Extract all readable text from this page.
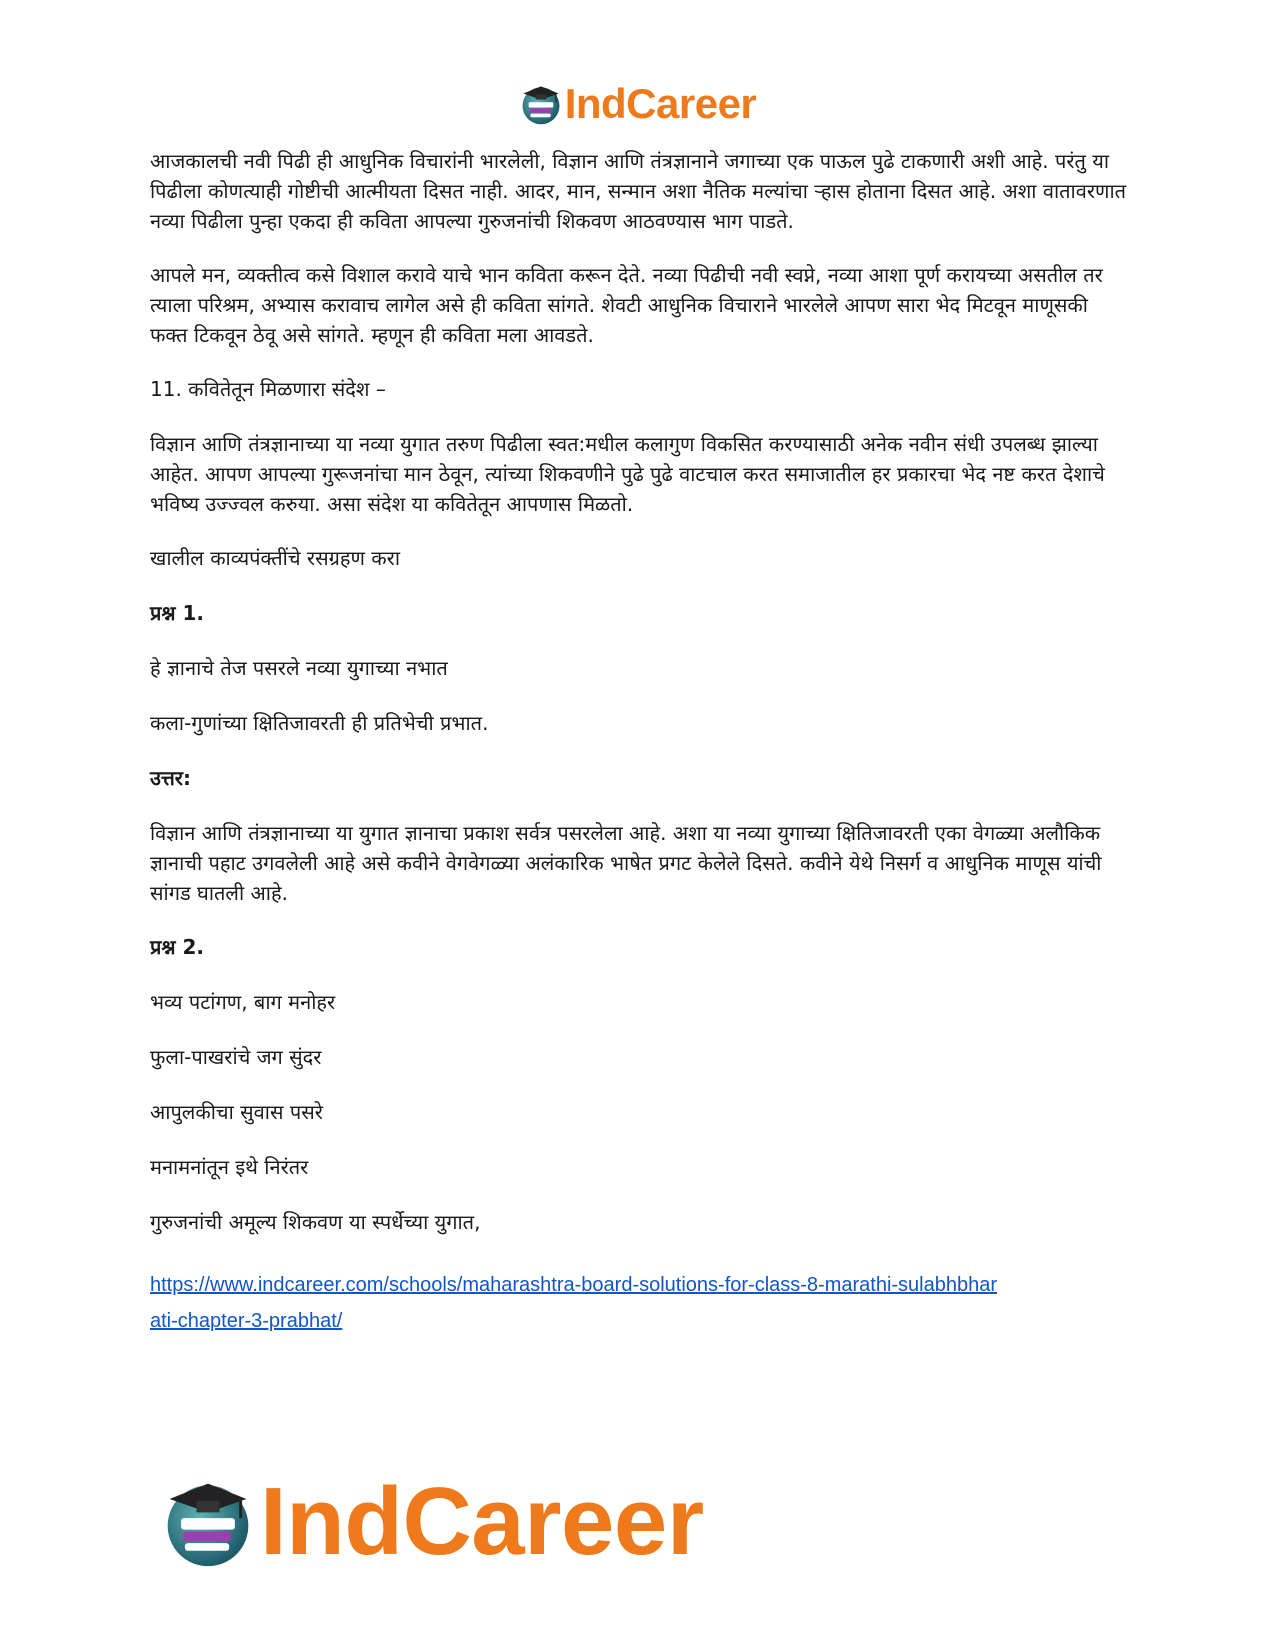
IndCareer

आजकालची नवी पिढी ही आधुनिक विचारांनी भारलेली, विज्ञान आणि तंत्रज्ञानाने जगाच्या एक पाऊल पुढे टाकणारी अशी आहे. परंतु या पिढीला कोणत्याही गोष्टीची आत्मीयता दिसत नाही. आदर, मान, सन्मान अशा नैतिक मल्यांचा ऱ्हास होताना दिसत आहे. अशा वातावरणात नव्या पिढीला पुन्हा एकदा ही कविता आपल्या गुरुजनांची शिकवण आठवण्यास भाग पाडते.

आपले मन, व्यक्तीत्व कसे विशाल करावे याचे भान कविता करून देते. नव्या पिढीची नवी स्वप्ने, नव्या आशा पूर्ण करायच्या असतील तर त्याला परिश्रम, अभ्यास करावाच लागेल असे ही कविता सांगते. शेवटी आधुनिक विचाराने भारलेले आपण सारा भेद मिटवून माणूसकी फक्त टिकवून ठेवू असे सांगते. म्हणून ही कविता मला आवडते.

11. कवितेतून मिळणारा संदेश –

विज्ञान आणि तंत्रज्ञानाच्या या नव्या युगात तरुण पिढीला स्वत:मधील कलागुण विकसित करण्यासाठी अनेक नवीन संधी उपलब्ध झाल्या आहेत. आपण आपल्या गुरूजनांचा मान ठेवून, त्यांच्या शिकवणीने पुढे पुढे वाटचाल करत समाजातील हर प्रकारचा भेद नष्ट करत देशाचे भविष्य उज्ज्वल करुया. असा संदेश या कवितेतून आपणास मिळतो.

खालील काव्यपंक्तींचे रसग्रहण करा

प्रश्न 1.

हे ज्ञानाचे तेज पसरले नव्या युगाच्या नभात

कला-गुणांच्या क्षितिजावरती ही प्रतिभेची प्रभात.

उत्तर:

विज्ञान आणि तंत्रज्ञानाच्या या युगात ज्ञानाचा प्रकाश सर्वत्र पसरलेला आहे. अशा या नव्या युगाच्या क्षितिजावरती एका वेगळ्या अलौकिक ज्ञानाची पहाट उगवलेली आहे असे कवीने वेगवेगळ्या अलंकारिक भाषेत प्रगट केलेले दिसते. कवीने येथे निसर्ग व आधुनिक माणूस यांची सांगड घातली आहे.

प्रश्न 2.

भव्य पटांगण, बाग मनोहर

फुला-पाखरांचे जग सुंदर

आपुलकीचा सुवास पसरे

मनामनांतून इथे निरंतर

गुरुजनांची अमूल्य शिकवण या स्पर्धेच्या युगात,

https://www.indcareer.com/schools/maharashtra-board-solutions-for-class-8-marathi-sulabhbhar
ati-chapter-3-prabhat/
IndCareer
